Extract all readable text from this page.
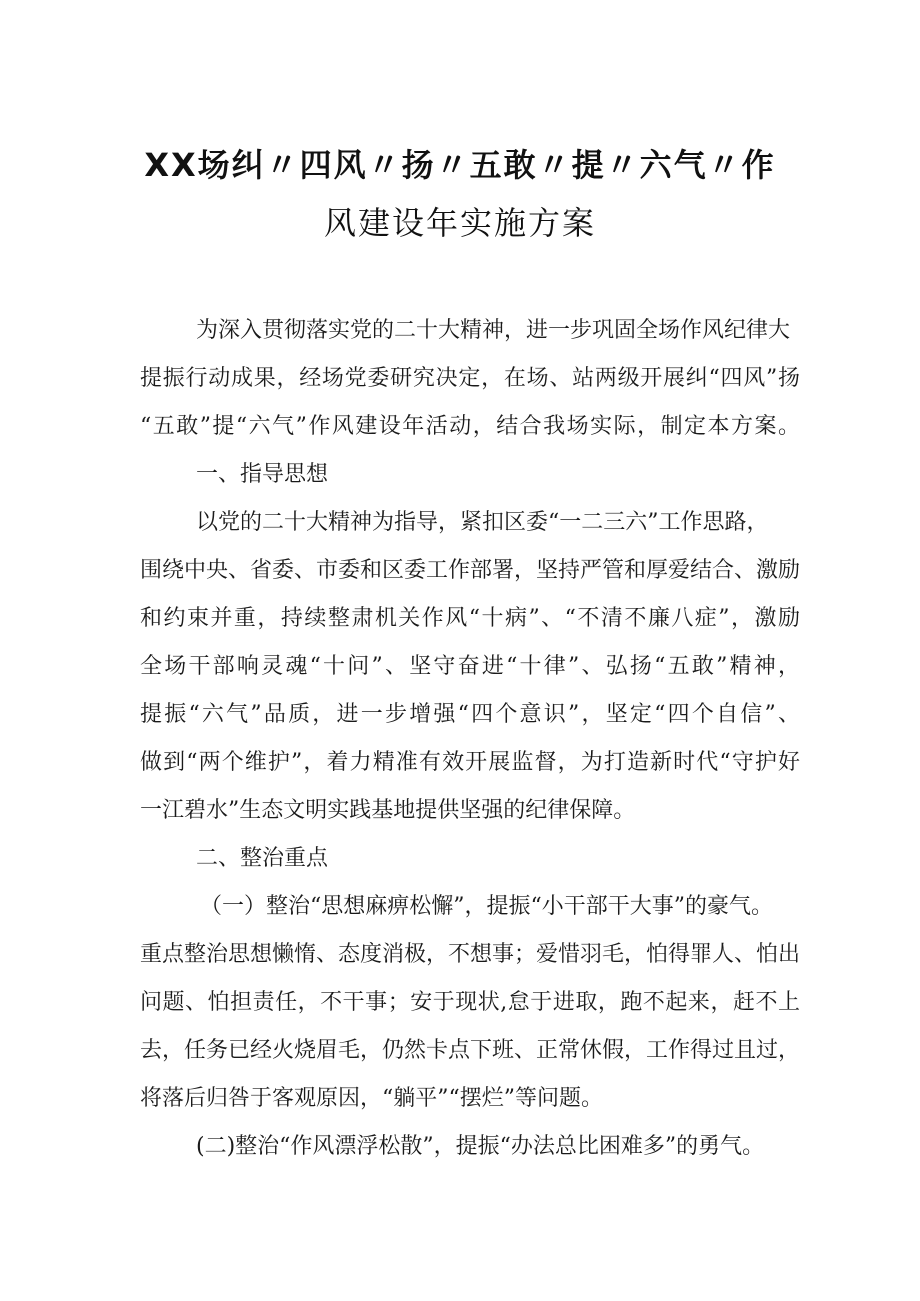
XX场纠〃四风〃扬〃五敢〃提〃六气〃作
风建设年实施方案
为深入贯彻落实党的二十大精神，进一步巩固全场作风纪律大
提振行动成果，经场党委研究决定，在场、站两级开展纠“四风”扬
“五敢”提“六气”作风建设年活动，结合我场实际，制定本方案。
一、指导思想
以党的二十大精神为指导，紧扣区委“一二三六”工作思路，
围绕中央、省委、市委和区委工作部署，坚持严管和厚爱结合、激励
和约束并重，持续整肃机关作风“十病”、“不清不廉八症”，激励
全场干部响灵魂“十问”、坚守奋进“十律”、弘扬“五敢”精神，
提振“六气”品质，进一步增强“四个意识”，坚定“四个自信”、
做到“两个维护”，着力精准有效开展监督，为打造新时代“守护好
一江碧水”生态文明实践基地提供坚强的纪律保障。
二、整治重点
（一）整治“思想麻痹松懈”，提振“小干部干大事”的豪气。
重点整治思想懒惰、态度消极，不想事；爱惜羽毛，怕得罪人、怕出
问题、怕担责任，不干事；安于现状,怠于进取，跑不起来，赶不上
去，任务已经火烧眉毛，仍然卡点下班、正常休假，工作得过且过，
将落后归咎于客观原因，“躺平”“摆烂”等问题。
(二)整治“作风漂浮松散”，提振“办法总比困难多”的勇气。
